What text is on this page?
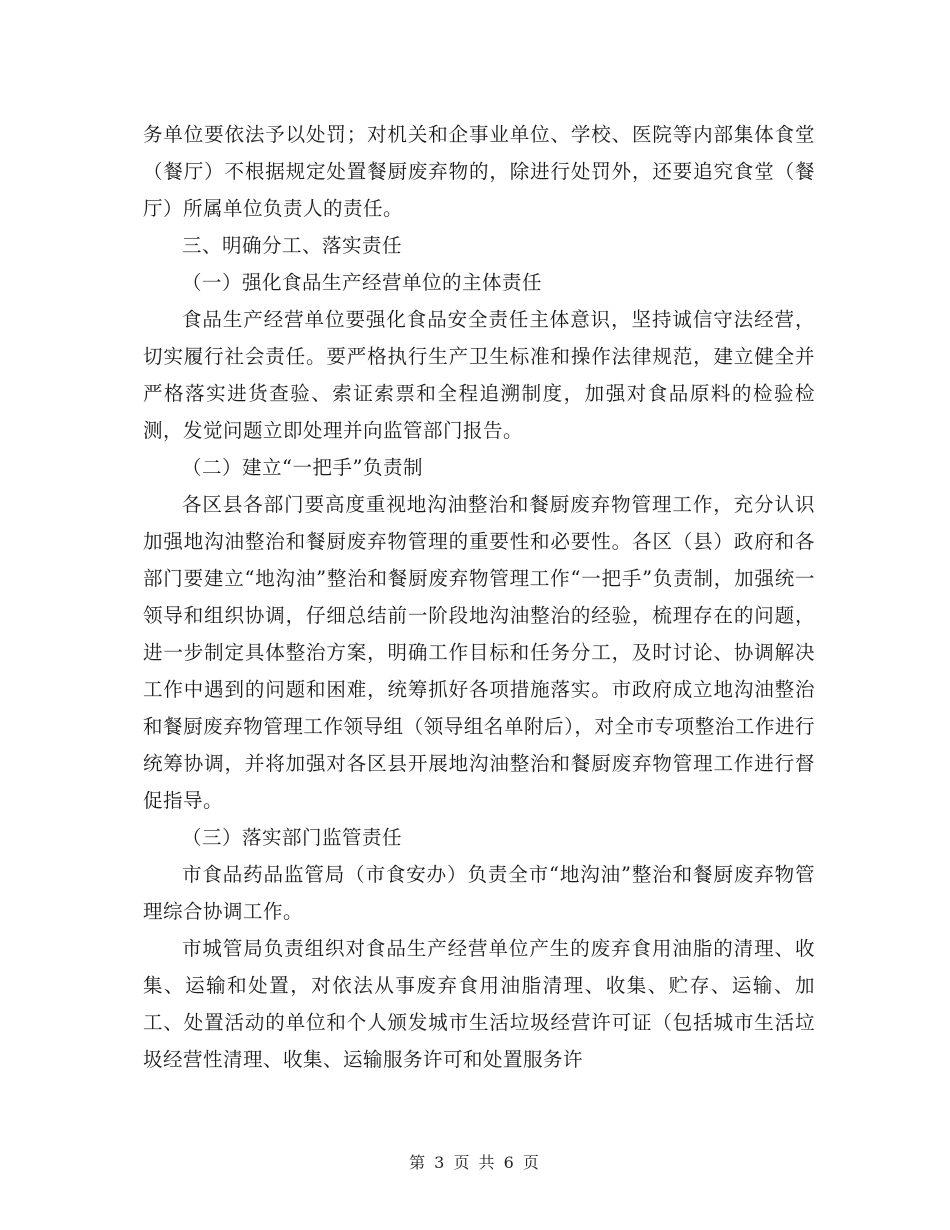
务单位要依法予以处罚；对机关和企事业单位、学校、医院等内部集体食堂（餐厅）不根据规定处置餐厨废弃物的，除进行处罚外，还要追究食堂（餐厅）所属单位负责人的责任。

三、明确分工、落实责任

（一）强化食品生产经营单位的主体责任

食品生产经营单位要强化食品安全责任主体意识，坚持诚信守法经营，切实履行社会责任。要严格执行生产卫生标准和操作法律规范，建立健全并严格落实进货查验、索证索票和全程追溯制度，加强对食品原料的检验检测，发觉问题立即处理并向监管部门报告。

（二）建立“一把手”负责制

各区县各部门要高度重视地沟油整治和餐厨废弃物管理工作，充分认识加强地沟油整治和餐厨废弃物管理的重要性和必要性。各区（县）政府和各部门要建立“地沟油”整治和餐厨废弃物管理工作“一把手”负责制，加强统一领导和组织协调，仔细总结前一阶段地沟油整治的经验，梳理存在的问题，进一步制定具体整治方案，明确工作目标和任务分工，及时讨论、协调解决工作中遇到的问题和困难，统筹抓好各项措施落实。市政府成立地沟油整治和餐厨废弃物管理工作领导组（领导组名单附后），对全市专项整治工作进行统筹协调，并将加强对各区县开展地沟油整治和餐厨废弃物管理工作进行督促指导。

（三）落实部门监管责任

市食品药品监管局（市食安办）负责全市“地沟油”整治和餐厨废弃物管理综合协调工作。

市城管局负责组织对食品生产经营单位产生的废弃食用油脂的清理、收集、运输和处置，对依法从事废弃食用油脂清理、收集、贮存、运输、加工、处置活动的单位和个人颁发城市生活垃圾经营许可证（包括城市生活垃圾经营性清理、收集、运输服务许可和处置服务许

第 3 页 共 6 页
